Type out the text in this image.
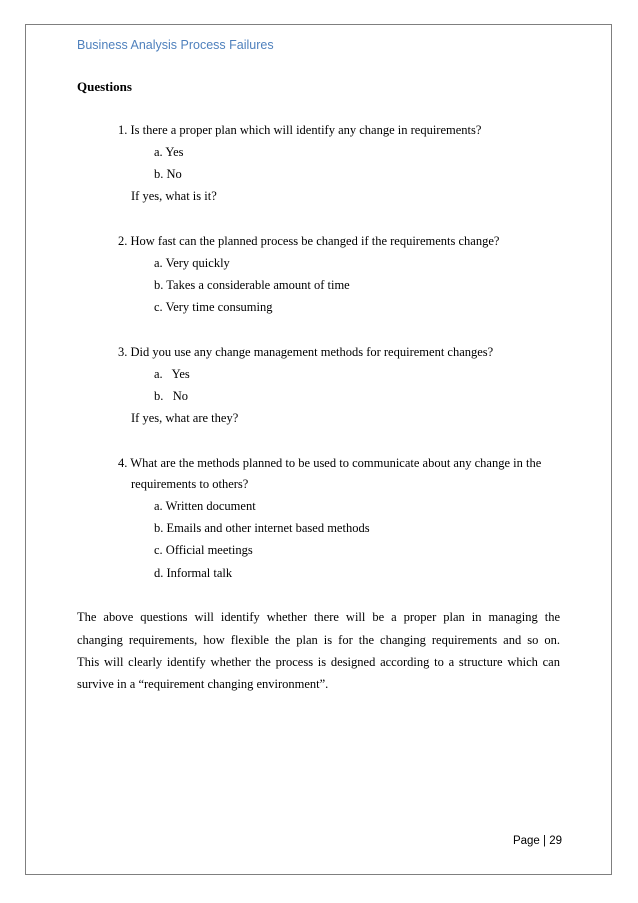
Business Analysis Process Failures
Questions
1. Is there a proper plan which will identify any change in requirements?
a. Yes
b. No
If yes, what is it?
2. How fast can the planned process be changed if the requirements change?
a. Very quickly
b. Takes a considerable amount of time
c. Very time consuming
3. Did you use any change management methods for requirement changes?
a.   Yes
b.   No
If yes, what are they?
4. What are the methods planned to be used to communicate about any change in the
requirements to others?
a. Written document
b. Emails and other internet based methods
c. Official meetings
d. Informal talk
The above questions will identify whether there will be a proper plan in managing the
changing requirements, how flexible the plan is for the changing requirements and so on.
This will clearly identify whether the process is designed according to a structure which can
survive in a “requirement changing environment”.
Page | 29
